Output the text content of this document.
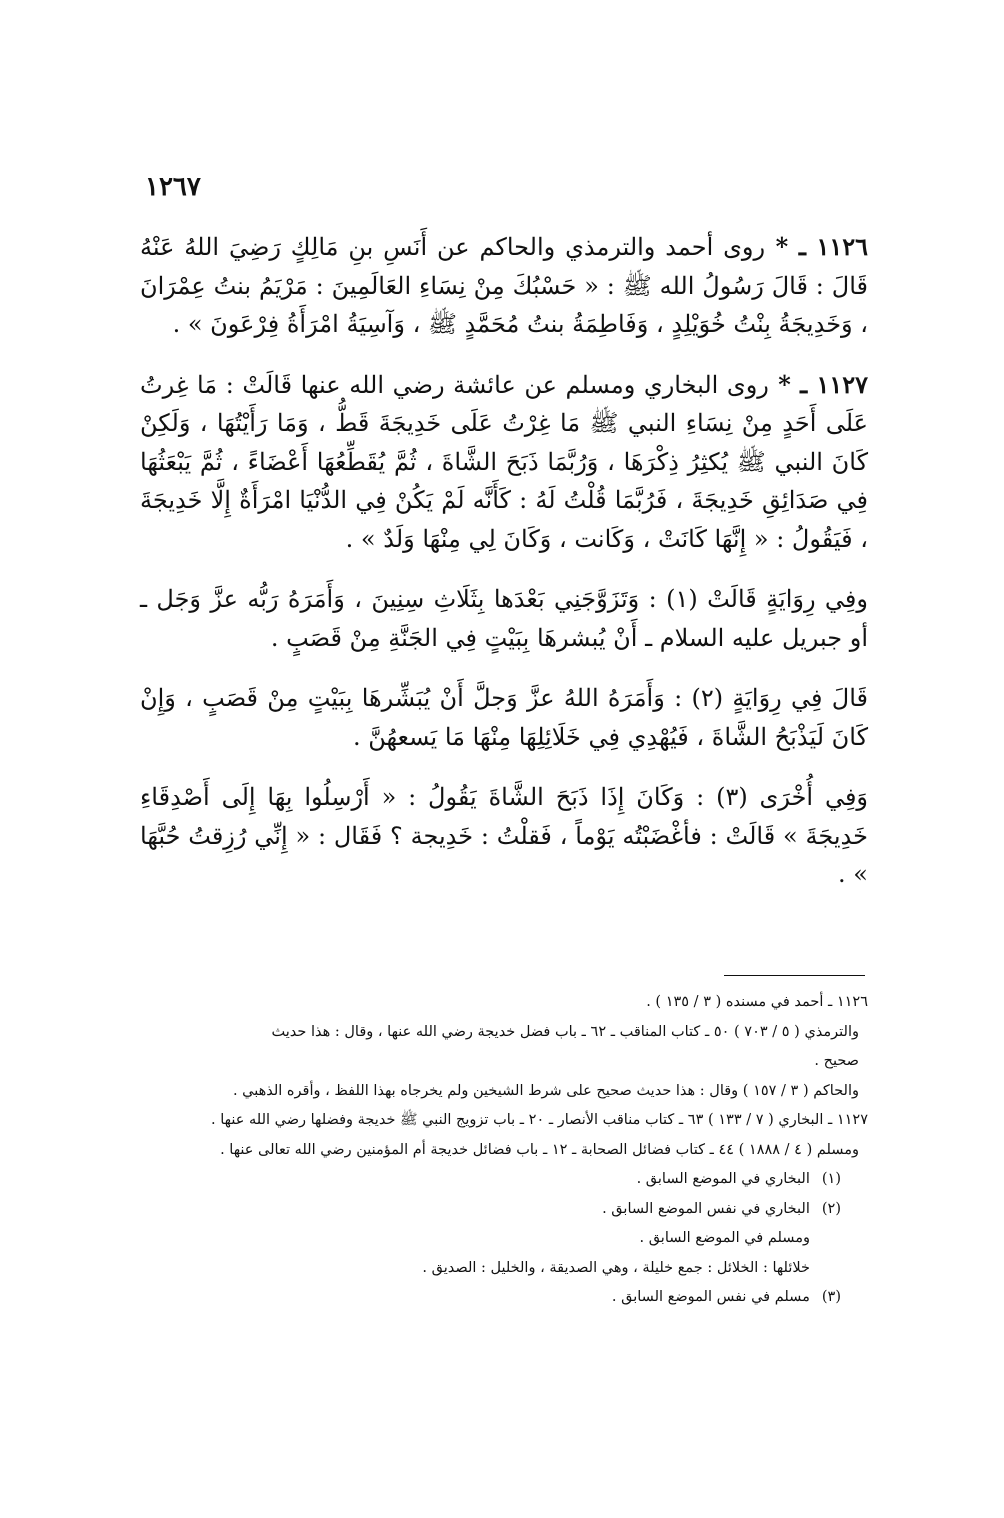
١٢٦٧

١١٢٦ ـ * روى أحمد والترمذي والحاكم عن أَنَسِ بنِ مَالِكٍ رَضِيَ اللهُ عَنْهُ قَالَ : قَالَ رَسُولُ الله ﷺ : « حَسْبُكَ مِنْ نِسَاءِ العَالَمِينَ : مَرْيَمُ بنتُ عِمْرَانَ ، وَخَدِيجَةُ بِنْتُ خُوَيْلِدٍ ، وَفَاطِمَةُ بنتُ مُحَمَّدٍ ﷺ ، وَآسِيَةُ امْرَأَةُ فِرْعَونَ » .

١١٢٧ ـ * روى البخاري ومسلم عن عائشة رضي الله عنها قَالَتْ : مَا غِرتُ عَلَى أَحَدٍ مِنْ نِسَاءِ النبي ﷺ مَا غِرْتُ عَلَى خَدِيجَةَ قَطُّ ، وَمَا رَأَيْتُهَا ، وَلَكِنْ كَانَ النبي ﷺ يُكثِرُ ذِكْرَهَا ، وَرُبَّمَا ذَبَحَ الشَّاةَ ، ثُمَّ يُقَطِّعُهَا أَعْضَاءً ، ثُمَّ يَبْعَثُهَا فِي صَدَائِقِ خَدِيجَةَ ، فَرُبَّمَا قُلْتُ لَهُ : كَأَنَّه لَمْ يَكُنْ فِي الدُّنْيَا امْرَأَةٌ إِلَّا خَدِيجَةَ ، فَيَقُولُ : « إِنَّهَا كَانَتْ ، وَكَانت ، وَكَانَ لِي مِنْهَا وَلَدٌ » .

وفِي رِوَايَةٍ قَالَتْ (١) : وَتَزَوَّجَنِي بَعْدَها بِثَلَاثِ سِنِينَ ، وَأَمَرَهُ رَبُّه عزَّ وَجَل ـ أو جبريل عليه السلام ـ أَنْ يُبشرهَا بِبَيْتٍ فِي الجَنَّةِ مِنْ قَصَبٍ .

قَالَ فِي رِوَايَةٍ (٢) : وَأَمَرَهُ اللهُ عزَّ وَجلَّ أَنْ يُبَشِّرهَا بِبَيْتٍ مِنْ قَصَبٍ ، وَإِنْ كَانَ لَيَذْبَحُ الشَّاةَ ، فَيُهْدِي فِي خَلَائِلِهَا مِنْهَا مَا يَسعهُنَّ .

وَفِي أُخْرَى (٣) : وَكَانَ إِذَا ذَبَحَ الشَّاةَ يَقُولُ : « أَرْسِلُوا بِهَا إِلَى أَصْدِقَاءِ خَدِيجَةَ » قَالَتْ : فأغْضَبْتُه يَوْماً ، فَقلْتُ : خَدِيجة ؟ فَقَال : « إِنِّي رُزِقتُ حُبَّهَا » .

١١٢٦ ـ أحمد في مسنده ( ٣ / ١٣٥ ) .

والترمذي ( ٥ / ٧٠٣ ) ٥٠ ـ كتاب المناقب ـ ٦٢ ـ باب فضل خديجة رضي الله عنها ، وقال : هذا حديث

صحيح .

والحاكم ( ٣ / ١٥٧ ) وقال : هذا حديث صحيح على شرط الشيخين ولم يخرجاه بهذا اللفظ ، وأقره الذهبي .

١١٢٧ ـ البخاري ( ٧ / ١٣٣ ) ٦٣ ـ كتاب مناقب الأنصار ـ ٢٠ ـ باب تزويج النبي ﷺ خديجة وفضلها رضي الله عنها .

ومسلم ( ٤ / ١٨٨٨ ) ٤٤ ـ كتاب فضائل الصحابة ـ ١٢ ـ باب فضائل خديجة أم المؤمنين رضي الله تعالى عنها .

(١)البخاري في الموضع السابق .

(٢)البخاري في نفس الموضع السابق .

ومسلم في الموضع السابق .

خلائلها : الخلائل : جمع خليلة ، وهي الصديقة ، والخليل : الصديق .

(٣)مسلم في نفس الموضع السابق .
